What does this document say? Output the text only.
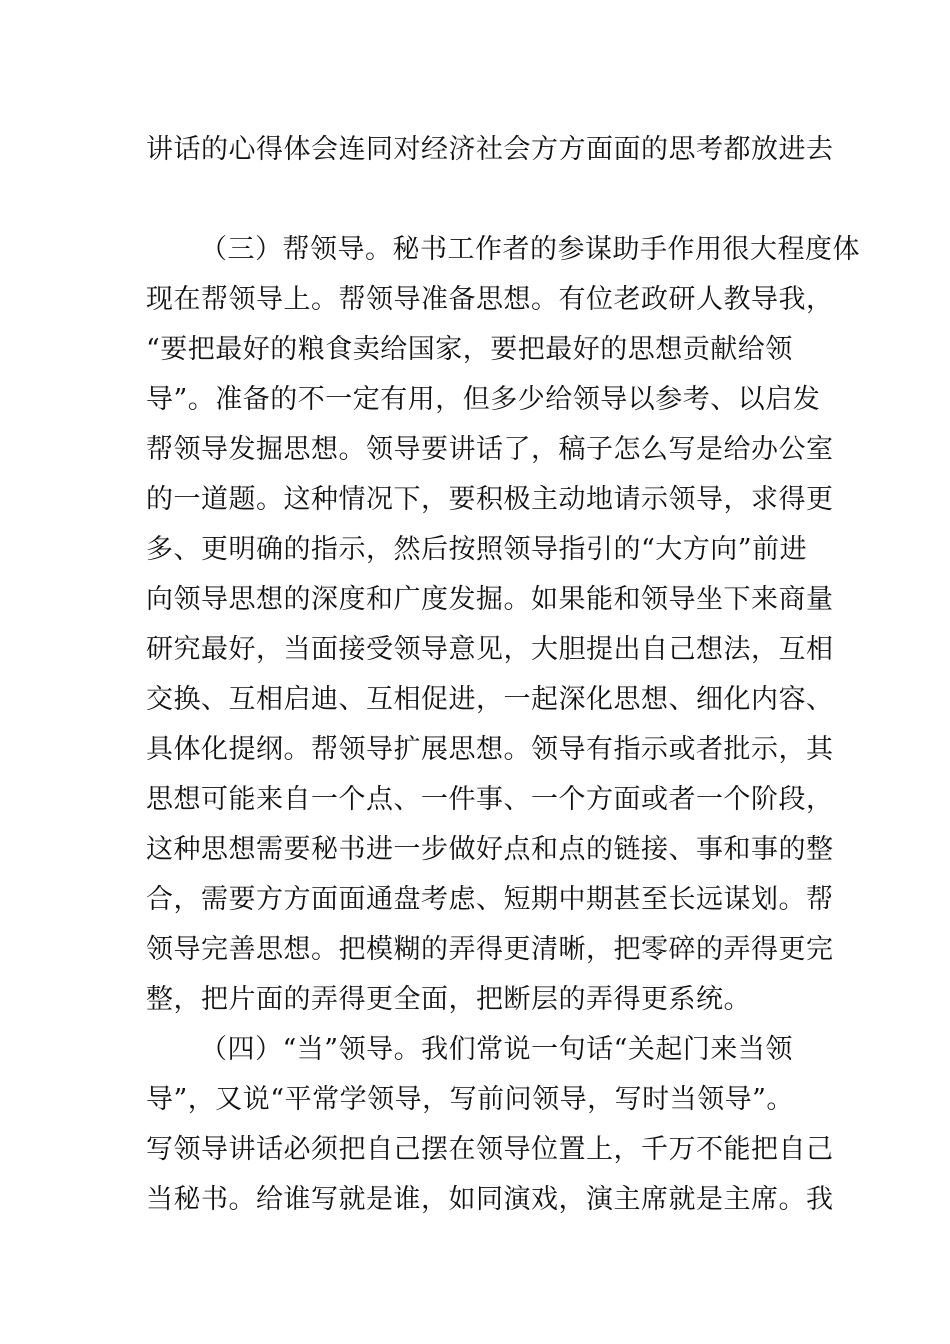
讲话的心得体会连同对经济社会方方面面的思考都放进去
（三）帮领导。秘书工作者的参谋助手作用很大程度体
现在帮领导上。帮领导准备思想。有位老政研人教导我，
“要把最好的粮食卖给国家，要把最好的思想贡献给领
导”。准备的不一定有用，但多少给领导以参考、以启发
帮领导发掘思想。领导要讲话了，稿子怎么写是给办公室
的一道题。这种情况下，要积极主动地请示领导，求得更
多、更明确的指示，然后按照领导指引的“大方向”前进
向领导思想的深度和广度发掘。如果能和领导坐下来商量
研究最好，当面接受领导意见，大胆提出自己想法，互相
交换、互相启迪、互相促进，一起深化思想、细化内容、
具体化提纲。帮领导扩展思想。领导有指示或者批示，其
思想可能来自一个点、一件事、一个方面或者一个阶段，
这种思想需要秘书进一步做好点和点的链接、事和事的整
合，需要方方面面通盘考虑、短期中期甚至长远谋划。帮
领导完善思想。把模糊的弄得更清晰，把零碎的弄得更完
整，把片面的弄得更全面，把断层的弄得更系统。
（四）“当”领导。我们常说一句话“关起门来当领
导”，又说“平常学领导，写前问领导，写时当领导”。
写领导讲话必须把自己摆在领导位置上，千万不能把自己
当秘书。给谁写就是谁，如同演戏，演主席就是主席。我
